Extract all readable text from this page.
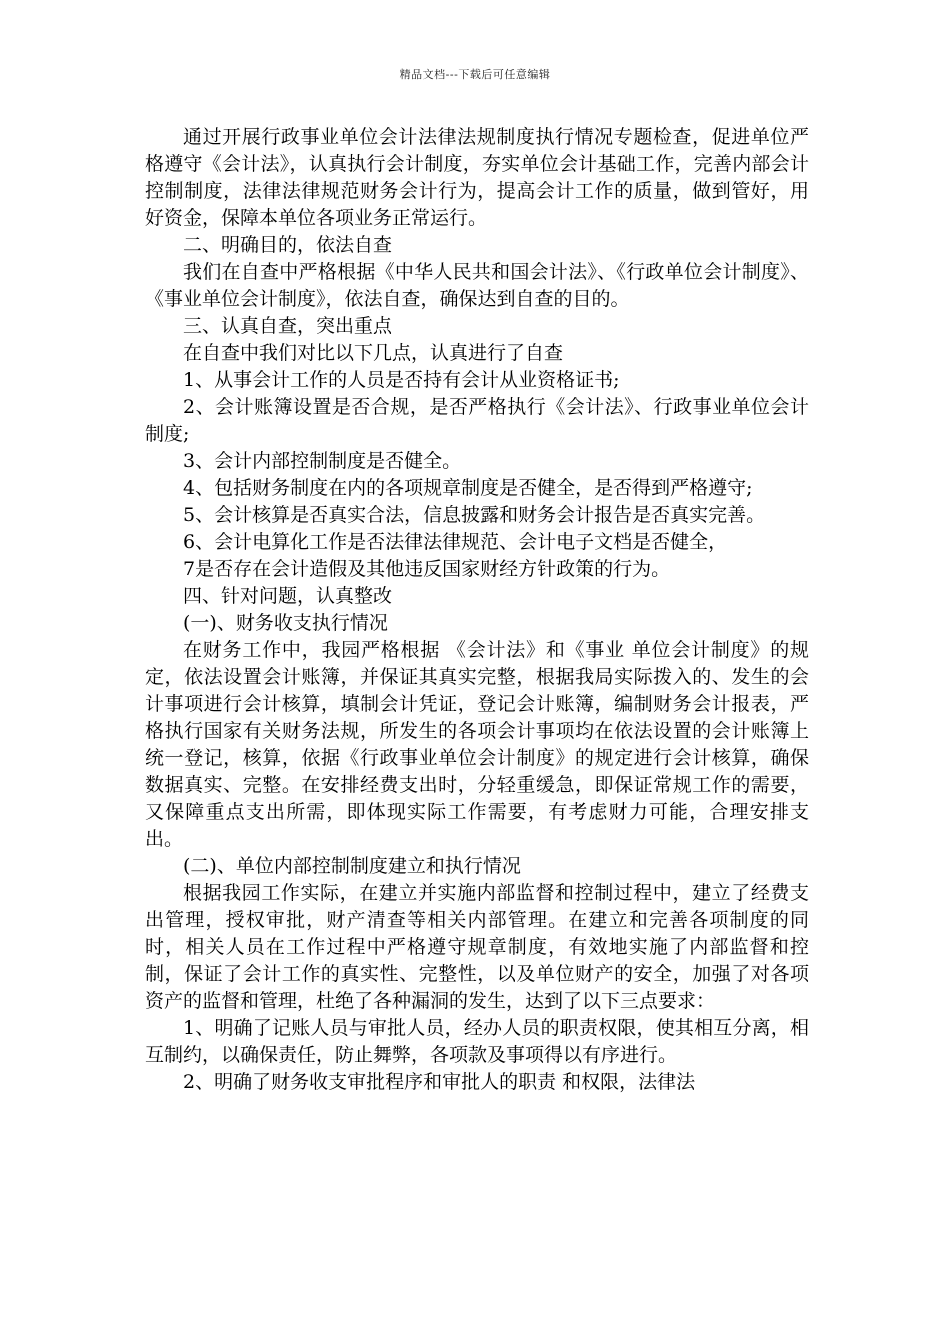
精品文档---下载后可任意编辑

通过开展行政事业单位会计法律法规制度执行情况专题检查，促进单位严格遵守《会计法》，认真执行会计制度，夯实单位会计基础工作，完善内部会计控制制度，法律法律规范财务会计行为，提高会计工作的质量，做到管好，用好资金，保障本单位各项业务正常运行。

二、明确目的，依法自查

我们在自查中严格根据《中华人民共和国会计法》、《行政单位会计制度》、《事业单位会计制度》，依法自查，确保达到自查的目的。

三、认真自查，突出重点

在自查中我们对比以下几点，认真进行了自查

1、从事会计工作的人员是否持有会计从业资格证书;

2、会计账簿设置是否合规，是否严格执行《会计法》、行政事业单位会计制度;

3、会计内部控制制度是否健全。

4、包括财务制度在内的各项规章制度是否健全，是否得到严格遵守;

5、会计核算是否真实合法，信息披露和财务会计报告是否真实完善。

6、会计电算化工作是否法律法律规范、会计电子文档是否健全，

7是否存在会计造假及其他违反国家财经方针政策的行为。

四、针对问题，认真整改

(一)、财务收支执行情况

在财务工作中，我园严格根据 《会计法》和《事业 单位会计制度》的规定，依法设置会计账簿，并保证其真实完整，根据我局实际拨入的、发生的会计事项进行会计核算，填制会计凭证，登记会计账簿，编制财务会计报表，严格执行国家有关财务法规，所发生的各项会计事项均在依法设置的会计账簿上统一登记，核算，依据《行政事业单位会计制度》的规定进行会计核算，确保数据真实、完整。在安排经费支出时，分轻重缓急，即保证常规工作的需要，又保障重点支出所需，即体现实际工作需要，有考虑财力可能，合理安排支出。

(二)、单位内部控制制度建立和执行情况

根据我园工作实际，在建立并实施内部监督和控制过程中，建立了经费支出管理，授权审批，财产清查等相关内部管理。在建立和完善各项制度的同时，相关人员在工作过程中严格遵守规章制度，有效地实施了内部监督和控制，保证了会计工作的真实性、完整性，以及单位财产的安全，加强了对各项资产的监督和管理，杜绝了各种漏洞的发生，达到了以下三点要求：

1、明确了记账人员与审批人员，经办人员的职责权限，使其相互分离，相互制约，以确保责任，防止舞弊，各项款及事项得以有序进行。

2、明确了财务收支审批程序和审批人的职责 和权限，法律法
